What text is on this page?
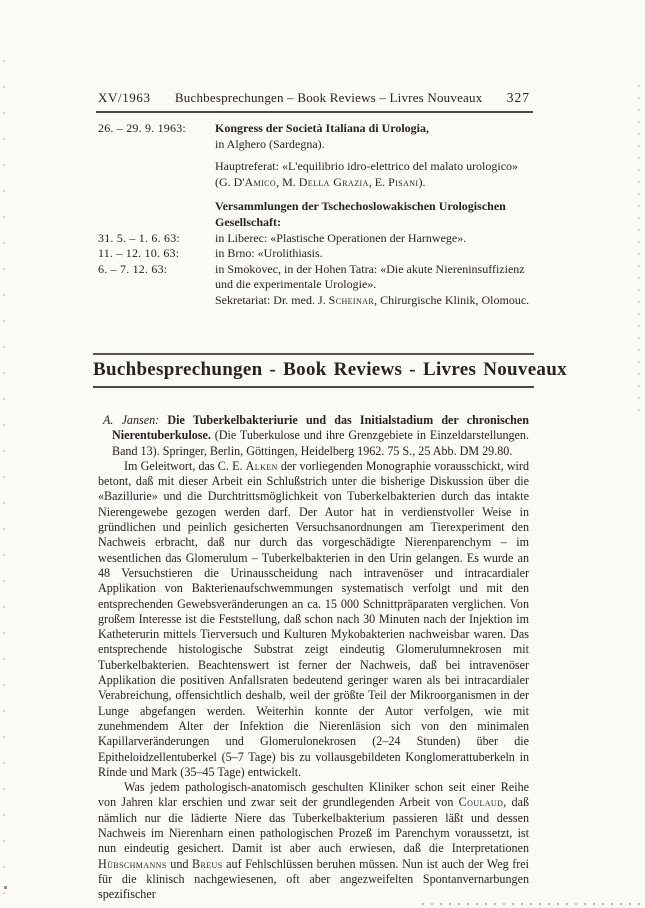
XV/1963	Buchbesprechungen – Book Reviews – Livres Nouveaux	327
26. – 29. 9. 1963:	Kongress der Società Italiana di Urologia,
in Alghero (Sardegna).
Hauptreferat: «L'equilibrio idro-elettrico del malato urologico» (G. D'Amico, M. Della Grazia, E. Pisani).
Versammlungen der Tschechoslowakischen Urologischen Gesellschaft:
31. 5. – 1. 6. 63:	in Liberec: «Plastische Operationen der Harnwege».
11. – 12. 10. 63:	in Brno: «Urolithiasis.
6. – 7. 12. 63:	in Smokovec, in der Hohen Tatra: «Die akute Niereninsuffizienz und die experimentale Urologie».
Sekretariat: Dr. med. J. Scheinar, Chirurgische Klinik, Olomouc.
Buchbesprechungen - Book Reviews - Livres Nouveaux

A. Jansen: Die Tuberkelbakteriurie und das Initialstadium der chronischen Nierentuberkulose. (Die Tuberkulose und ihre Grenzgebiete in Einzeldarstellungen. Band 13). Springer, Berlin, Göttingen, Heidelberg 1962. 75 S., 25 Abb. DM 29.80.

Im Geleitwort, das C. E. Alken der vorliegenden Monographie vorausschickt, wird betont, daß mit dieser Arbeit ein Schlußstrich unter die bisherige Diskussion über die «Bazillurie» und die Durchtrittsmöglichkeit von Tuberkelbakterien durch das intakte Nierengewebe gezogen werden darf. Der Autor hat in verdienstvoller Weise in gründlichen und peinlich gesicherten Versuchsanordnungen am Tierexperiment den Nachweis erbracht, daß nur durch das vorgeschädigte Nierenparenchym – im wesentlichen das Glomerulum – Tuberkelbakterien in den Urin gelangen. Es wurde an 48 Versuchstieren die Urinausscheidung nach intravenöser und intracardialer Applikation von Bakterienaufschwemmungen systematisch verfolgt und mit den entsprechenden Gewebsveränderungen an ca. 15 000 Schnittpräparaten verglichen. Von großem Interesse ist die Feststellung, daß schon nach 30 Minuten nach der Injektion im Katheterurin mittels Tierversuch und Kulturen Mykobakterien nachweisbar waren. Das entsprechende histologische Substrat zeigt eindeutig Glomerulumnekrosen mit Tuberkelbakterien. Beachtenswert ist ferner der Nachweis, daß bei intravenöser Applikation die positiven Anfallsraten bedeutend geringer waren als bei intracardialer Verabreichung, offensichtlich deshalb, weil der größte Teil der Mikroorganismen in der Lunge abgefangen werden. Weiterhin konnte der Autor verfolgen, wie mit zunehmendem Alter der Infektion die Nierenläsion sich von den minimalen Kapillarveränderungen und Glomerulonekrosen (2–24 Stunden) über die Epitheloidzellentuberkel (5–7 Tage) bis zu vollausgebildeten Konglomerattuberkeln in Rinde und Mark (35–45 Tage) entwickelt.

Was jedem pathologisch-anatomisch geschulten Kliniker schon seit einer Reihe von Jahren klar erschien und zwar seit der grundlegenden Arbeit von Coulaud, daß nämlich nur die lädierte Niere das Tuberkelbakterium passieren läßt und dessen Nachweis im Nierenharn einen pathologischen Prozeß im Parenchym voraussetzt, ist nun eindeutig gesichert. Damit ist aber auch erwiesen, daß die Interpretationen Hübschmanns und Breus auf Fehlschlüssen beruhen müssen. Nun ist auch der Weg frei für die klinisch nachgewiesenen, oft aber angezweifelten Spontanvernarbungen spezifischer
